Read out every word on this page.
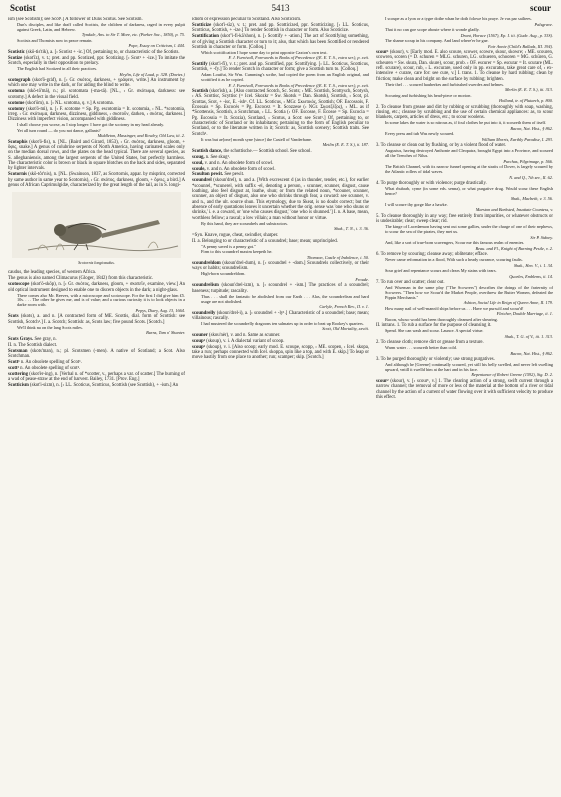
Scotist	5413	scour

ism (see Scotism); see Scot¹.] A follower of Duns Scotus. See Scotism.

Dun's disciples, and like draff called Scotists, the children of darkness, raged in every pulpit against Greek, Latin, and Hebrew.

Tyndale, Ans. to Sir T. More, etc. (Parker Soc., 1850), p. 75.

Scotists and Thomists now in peace remain.

Pope, Essay on Criticism, l. 444.

Scotistic (skō-tis'tik), a. [‹ Scotist + -ic.] Of, pertaining to, or characteristic of the Scotists.

Scotize (skot'īz), v. t.; pret. and pp. Scotized, ppr. Scotizing. [‹ Scot¹ + -ize.] To imitate the Scotch, especially in their opposition to prelacy.

The English had Scotized in all their practices.

Heylin, Life of Laud, p. 328. (Davies.)

scotograph (skot'ō-grȧf), n. [‹ Gr. σκότος, darkness, + γράφειν, write.] An instrument by which one may write in the dark, or for aiding the blind to write.

scotoma (skō-tō'mä), n.; pl. scotomata (-ma-tä). [NL., ‹ Gr. σκότωμα, darkness: see scotomy.] A defect in the visual field.

scotome (skot'ōm), n. [‹ NL. scotoma, q. v.] A scotoma.

scotomy (skot'ō-mi), n. [‹ F. scotome = Sp. Pg. escotomia = It. scotomia, ‹ NL. *scotomia, irreg. ‹ Gr. σκότωμα, darkness, dizziness, giddiness, ‹ σκοτοῦν, darken, ‹ σκότος, darkness.] Dizziness with imperfect vision, accompanied with giddiness.

I shall choose you worse, as I stop longer: I have got the scotomy in my head already.

Yet all turn round — do you not dance, gallants?

Middleton, Massinger, and Rowley, Old Law, iii. 2.

Scotophis (skot'ō-fis), n. [NL. (Baird and Girard, 1853), ‹ Gr. σκότος, darkness, gloom, + ὄφις, snake.] A genus of colubrine serpents of North America, having carinated scales only on the median dorsal rows, and the plates on the head typical. There are several species, as S. alleghaniensis, among the largest serpents of the United States, but perfectly harmless. The characteristic color is brown or black in square blotches on the back and sides, separated by lighter intervals.

Scotornis (skō-tôr'nis), n. [NL. (Swainson, 1837, as Scortornis, appar. by misprint, corrected by same author in same year to Scotornis), ‹ Gr. σκότος, darkness, gloom, + ὄρνις, a bird.] A genus of African Caprimulgidæ, characterized by the great length of the tail, as in S. longi-

Scotornis longicaudus.

caudus, the leading species, of western Africa.

The genus is also named Climacurus (Gloger, 1842) from this characteristic.

scotoscope (skot'ō-skōp), n. [‹ Gr. σκότος, darkness, gloom, + σκοπεῖν, examine, view.] An old optical instrument designed to enable one to discern objects in the dark; a night-glass.

There comes also Mr. Reeves, with a microscope and scotoscope. For the first I did give him £5. 10s. . . . The other he gives me, and is of value; and a curious curiosity it is to look objects in a darke room with.

Pepys, Diary, Aug. 13, 1664.

Scots (skots), a. and n. [A contracted form of ME. Scottis, dial. form of Scottish: see Scottish, Scotch¹.] I. a. Scotch; Scottish: as, Scots law; five pound Scots. [Scotch.]

We'll think na on the lang Scots miles.

Burns, Tam o' Shanter.

Scots Grays. See gray, n.

II. n. The Scottish dialect.

Scotsman (skots'man), n.; pl. Scotsmen (-men). A native of Scotland; a Scot. Also Scotchman.

Scott¹ n. An obsolete spelling of Scot¹.

scott² n. An obsolete spelling of scot².

scottering (skot'ėr-ing), n. [Verbal n. of *scotter, v., perhaps a var. of scatter.] The burning of a wad of pease-straw at the end of harvest. Bailey, 1731. [Prov. Eng.]

Scotticism (skot'i-sizm), n. [‹ LL. Scoticus, Scotticus, Scottish (see Scottish), + -ism.] An

idiom or expression peculiar to Scotland. Also Scoticism.

Scotticize (skot'i-sīz), v. t.; pret. and pp. Scotticized, ppr. Scotticizing. [‹ LL. Scoticus, Scotticus, Scottish, + -ize.] To render Scottish in character or form. Also Scoticize.

Scottification (skot"i-fi-kā'shon), n. [‹ Scottify + -ation.] The act of Scottifying something, or of giving a Scottish character or turn to it; also, that which has been Scottified or rendered Scottish in character or form. [Colloq.]

Which scottification I hope some day to print opposite Caxton's own text.

F. J. Furnivall, Forewords to Books of Precedence ((E. E. T. S., extra ser.), p. xvii.

Scottify (skot'i-fī), v. t.; pret. and pp. Scottified, ppr. Scottifying. [‹ LL. Scoticus, Scotticus, Scottish, + -fy.] To render Scotch in character or form; give a Scottish turn to. [Colloq.]

Adam Loutfut, Sir Wm. Cumming's scribe, had copied the poem from an English original, and scottified it as he copied.

F. J. Furnivall, Forewords to Books of Precedence ((E. E. T. S., extra ser.), p. xvii.

Scottish (skot'ish), a. [Also contracted Scotch, Sc. Scots; ‹ ME. Scottish, Scottysch, Scotysh, ‹ AS. Scottisc, Scyttisc (= Icel. Skozkr = Sw. Skotsk = Dan. Skotsk), Scottish, ‹ Scot, pl. Scottas, Scot, + -isc, E. -ish¹. Cf. LL. Scoticus, ‹ MGr. Σκωτικός, Scottish; OF. Escossois, F. Écossais = Sp. Escocés = Pg. Escocez = It. Scozzese (‹ NGr. Σκωτζέζος), ‹ ML. as if *Scottensis, Scottish, a Scotchman, ‹ LL. Scotia (› OF. Escosse, F. Écosse = Sp. Escocia = Pg. Escossia = It. Scozia), Scotland, ‹ Scotus, a Scot: see Scot¹.] Of, pertaining to, or characteristic of Scotland or its inhabitants; pertaining to the form of English peculiar to Scotland, or to the literature written in it; Scotch: as, Scottish scenery; Scottish traits. See Scotch¹.

It was but ae[one] month syne [since] the Castell of Vanderbane.

Metlin (E. E. T. S.), ii. 187.

Scottish dance, the schottische.— Scottish school. See school.

scoug, n. See skug¹.

scoul, v. and n. An obsolete form of scowl.

scoule, v. and n. An obsolete form of scowl.

Scoulton pewit. See pewit.

scoundrel (skoun'drel), n. and a. [With excrescent d (as in thunder, tender, etc.), for earlier *scounrel, *scunerel, with suffix -el, denoting a person, ‹ scunner, scunner, disgust, cause loathing, also feel disgust at, loathe, shun; or from the related noun, *scouner, scunner, scunner, an object of disgust, also one who shrinks through fear, a coward: see scunner, v. and n., and the ult. source shun. This etymology, due to Skeat, is no doubt correct; but the absence of early quotations leaves it uncertain whether the orig. sense was 'one who shuns or shrinks,' i. e. a coward, or 'one who causes disgust,' 'one who is shunned.'] I. n. A base, mean, worthless fellow; a rascal; a low villain; a man without honor or virtue.

By this hand, they are scoundrels and substractors.

Shak., T. N., i. 3. 36.

=Syn. Knave, rogue, cheat, swindler, sharper.

II. a. Belonging to or characteristic of a scoundrel; base; mean; unprincipled.

"A penny saved is a penny got."

Firm to this scoundrel maxim keepeth he.

Thomson, Castle of Indolence, i. 50.

scoundreldom (skoun'drel-dum), n. [‹ scoundrel + -dom.] Scoundrels collectively, or their ways or habits; scoundrelism.

High-born scoundreldom.

Froude.

scoundrelism (skoun'drel-izm), n. [‹ scoundrel + -ism.] The practices of a scoundrel; baseness; turpitude; rascality.

Thus . . . shall the fantastic be abolished from our Earth . . . Alas, the scoundrelism and hard usage are not abolished.

Carlyle, French Rev., II. v. 1.

scoundrelly (skoun'drel-i), a. [‹ scoundrel + -ly¹.] Characteristic of a scoundrel; base; mean; villainous; rascally.

I had mustered the scoundrelly dragoons ten salmates up in order to beat up Rookey's quarters.

Scott, Old Mortality, xxviii.

scouner (skou'nėr), v. and n. Same as scunner.

scoup¹ (skoup), v. i. A dialectal variant of scoop.

scoup² (skoup), v. i. [Also scoop; early mod. E. scoupe, scopp, ‹ ME. scopen, ‹ Icel. skopa, take a run; perhaps connected with Icel. skoppa, spin like a top, and with E. skip.] To leap or move hastily from one place to another; run; scamper; skip. [Scotch.]

I scoupe as a lyon or a tygre dothe whan he doth folowe his praye. Je vas par sailtees.

Palsgrave.

That it no can goe scope aboute where it wonde gladly.

Drant, Horace (1567), Ep. I. iii. (Gude. Aug., p. 33S).

The shame scoup in his company. And land where'er he gae.

Fair Annie (Child's Ballads, III. 194).

scour¹ (skour), v. [Early mod. E. also scoure, scower, scowre, skour, skowre; ‹ ME. scouren, scowren, scoren (= D. schuren = MLG. schuren, LG. schueren, schooren = MG. schüren, G. scheuren = Sw. skura, Dan. skure), scour, prob. ‹ OF. escurer = Sp. escurar = It. scurare (ML. refl. scurare), scour, rub, ‹ L. excurare, used only in pp. excuratus, take great care of, ‹ ex- intensive + curare, care for: see cure, v.] I. trans. 1. To cleanse by hard rubbing; clean by friction; make clean and bright on the surface by rubbing; brighten.

Their thel . . . scoured hauberkes and furbisshed swerdes and helmes.

Merlin (E. E. T. S.), iii. 313.

Scouring and furbishing his head-piece or morion.

Holland, tr. of Plutarch, p. 800.

2. To cleanse from grease and dirt by rubbing or scrubbing (thoroughly with soap, washing, rinsing, etc.; cleanse by scrubbing and the use of certain chemical appliances: as, to scour blankets, carpets, articles of dress, etc.; to scour woolens.

In some lakes the water is so nitrous as, if foul clothes be put into it, it scoureth them of itself.

Bacon, Nat. Hist., § 862.

Every press and tub Was newly scoured.

William Morris, Earthly Paradise, I. 293.

3. To cleanse or clean out by flushing, or by a violent flood of water.

Augustus, having destroyed Anthonie and Cleopatra, brought Egypt into a Province, and scoured all the Trenches of Nilus.

Purchas, Pilgrimage, p. 566.

The British Channel, with its narrow funnel opening at the straits of Dover, is largely scoured by the Atlantic rollers of tidal waves.

N. and Q., 7th ser., II. 62.

4. To purge thoroughly or with violence; purge drastically.

What rhubarb, cyme (in some eds. senna), or what purgative drug. Would scour these English hence?

Shak., Macbeth, v. 3. 56.

I will scoure thy gorge like a hawke.

Marston and Barksted, Insatiate Countess, v.

5. To cleanse thoroughly in any way; free entirely from impurities, or whatever obstructs or is undesirable; clear; sweep clear; rid.

The kinge of Lacedæmon having sent out some gallies, under the charge of one of their nephews, to scour the sea of the pirates, they met us.

Sir P. Sidney.

And, like a sort of true-born scavengers, Scour me this famous realm of enemies.

Beau. and Fl., Knight of Burning Pestle, v. 2.

6. To remove by scouring; cleanse away; obliterate; efface.

Never came reformation in a flood, With such a heady currance, scouring faults.

Shak., Hen. V., i. 1. 34.

Sour grief and repentance scours and clears My stains with tears.

Quarles, Emblems, ii. 14.

7. To run over and scatter; clear out.

And Wiseman in the same play ("The Scowrers") describes the doings of the fraternity of Scowrers. "Then how we Scour'd the Market People, overthrew the Butter Women, defeated the Pippin Merchants."

Ashton, Social Life in Reign of Queen Anne, II. 179.

How many nail of well-mann'd ships before us . . . Have we pursu'd and scour'd!

Fletcher, Double Marriage, ii. 1.

Bacon, whoso world has been thoroughly cleansed after shearing.

II. intrans. 1. To rub a surface for the purpose of cleansing it.

Spend. She can wash and scour. Launce. A special virtue.

Shak., T. G. of V., iii. 1. 313.

2. To cleanse cloth; remove dirt or grease from a texture.

Warm water . . . scoureth better than cold.

Bacon, Nat. Hist., § 862.

3. To be purged thoroughly or violently; use strong purgatives.

And although he [Greene] continually scoured, yet still his belly swelled, and never left swelling upward, vntill it swelld him at the hart and in his face.

Repentance of Robert Greene (1592), Sig. D. 2.

scour² (skour), v. [‹ scour¹, v.] 1. The clearing action of a strong, swift current through a narrow channel; the removal of more or less of the material at the bottom of a river or tidal channel by the action of a current of water flowing over it with sufficient velocity to produce this effect.
